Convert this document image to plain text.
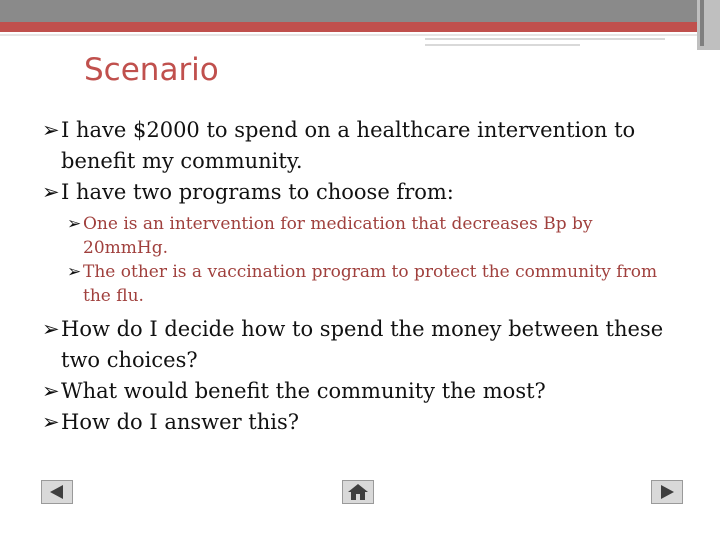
Scenario

➢ I have $2000 to spend on a healthcare intervention to benefit my community.

➢ I have two programs to choose from:

➢ One is an intervention for medication that decreases Bp by 20mmHg.

➢ The other is a vaccination program to protect the community from the flu.

➢ How do I decide how to spend the money between these two choices?

➢ What would benefit the community the most?

➢ How do I answer this?
